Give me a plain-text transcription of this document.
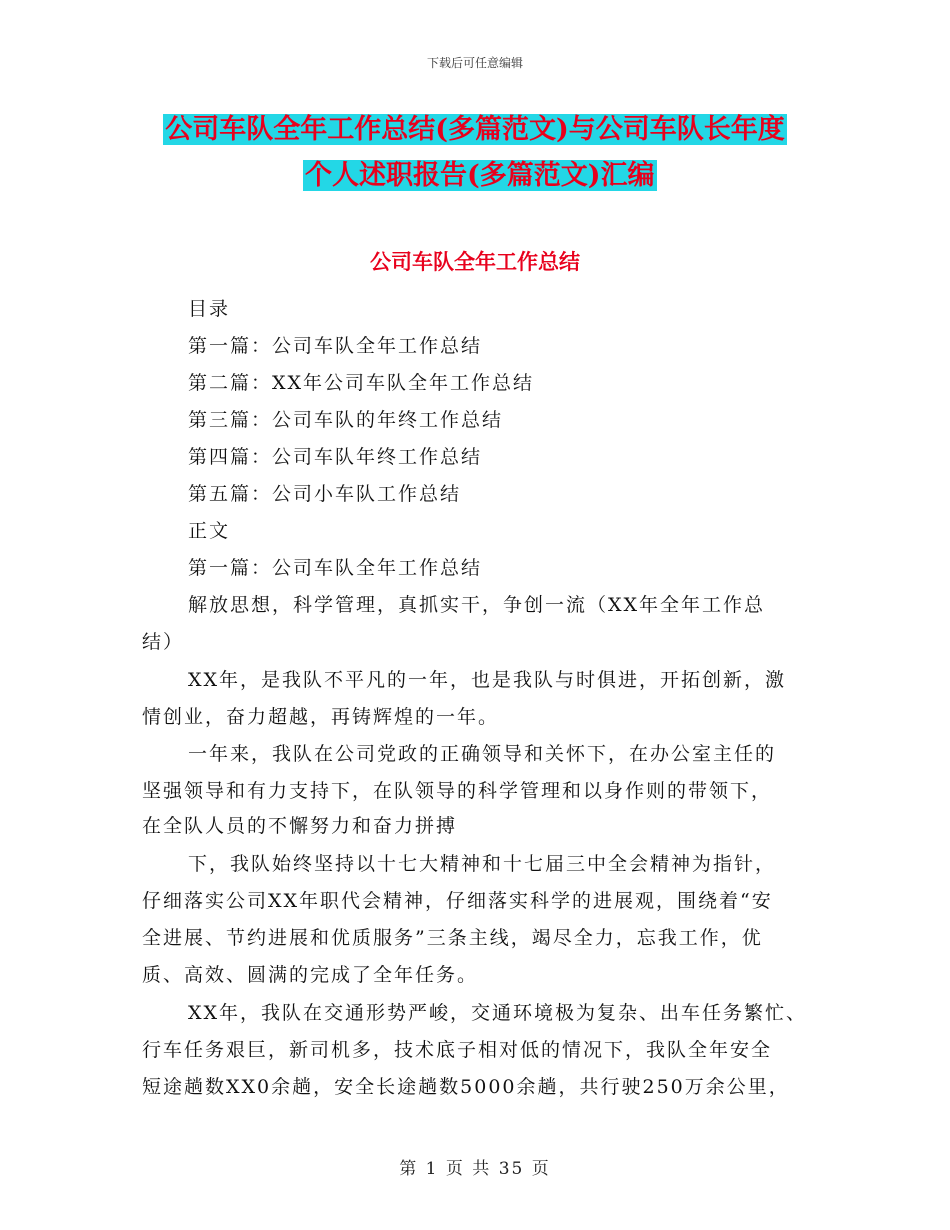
下载后可任意编辑
公司车队全年工作总结(多篇范文)与公司车队长年度
个人述职报告(多篇范文)汇编
公司车队全年工作总结
目录
第一篇：公司车队全年工作总结
第二篇：XX年公司车队全年工作总结
第三篇：公司车队的年终工作总结
第四篇：公司车队年终工作总结
第五篇：公司小车队工作总结
正文
第一篇：公司车队全年工作总结
解放思想，科学管理，真抓实干，争创一流（XX年全年工作总
结）
XX年，是我队不平凡的一年，也是我队与时俱进，开拓创新，激
情创业，奋力超越，再铸辉煌的一年。
一年来，我队在公司党政的正确领导和关怀下，在办公室主任的
坚强领导和有力支持下，在队领导的科学管理和以身作则的带领下，
在全队人员的不懈努力和奋力拼搏
下，我队始终坚持以十七大精神和十七届三中全会精神为指针，
仔细落实公司XX年职代会精神，仔细落实科学的进展观，围绕着“安
全进展、节约进展和优质服务”三条主线，竭尽全力，忘我工作，优
质、高效、圆满的完成了全年任务。
XX年，我队在交通形势严峻，交通环境极为复杂、出车任务繁忙、
行车任务艰巨，新司机多，技术底子相对低的情况下，我队全年安全
短途趟数XX0余趟，安全长途趟数5000余趟，共行驶250万余公里，
第 1 页 共 35 页
